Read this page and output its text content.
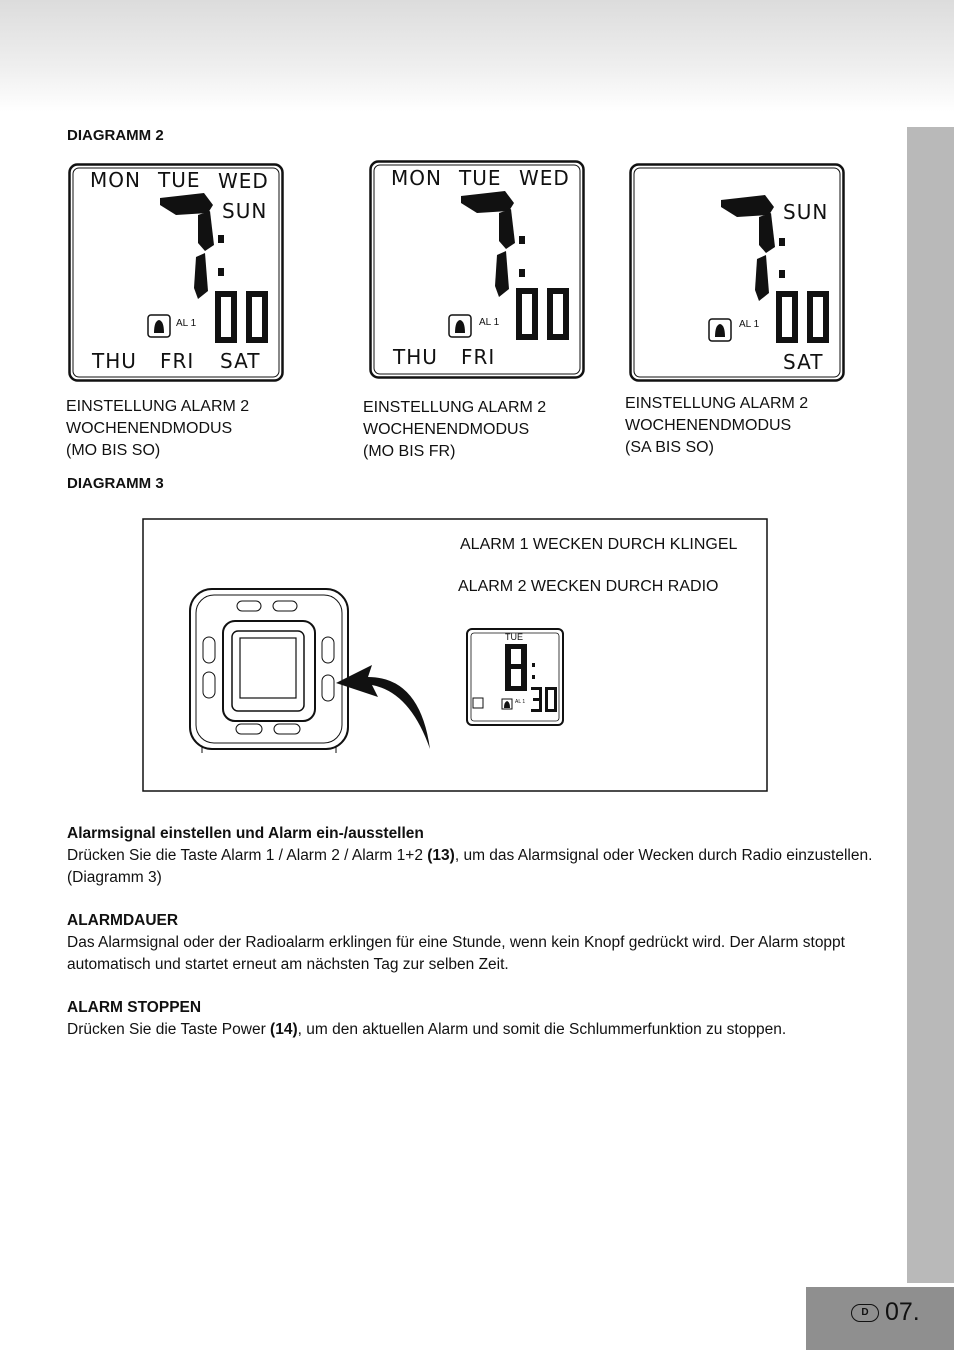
D 07.

DIAGRAMM 2

MON TUE WED
SUN
AL 1
THU FRI SAT
MON TUE WED
AL 1
THU FRI
SUN
AL 1
SAT
EINSTELLUNG ALARM 2
WOCHENENDMODUS
(MO BIS SO)
EINSTELLUNG ALARM 2
WOCHENENDMODUS
(MO BIS FR)
EINSTELLUNG ALARM 2
WOCHENENDMODUS
(SA BIS SO)

DIAGRAMM 3

TUE
AL 1
ALARM 1 WECKEN DURCH KLINGEL
ALARM 2 WECKEN DURCH RADIO
Alarmsignal einstellen und Alarm ein-/ausstellen
Drücken Sie die Taste Alarm 1 / Alarm 2 / Alarm 1+2 (13), um das Alarmsignal oder Wecken durch Radio einzustellen. (Diagramm 3)
ALARMDAUER
Das Alarmsignal oder der Radioalarm erklingen für eine Stunde, wenn kein Knopf gedrückt wird. Der Alarm stoppt automatisch und startet erneut am nächsten Tag zur selben Zeit.
ALARM STOPPEN
Drücken Sie die Taste Power (14), um den aktuellen Alarm und somit die Schlummerfunktion zu stoppen.
